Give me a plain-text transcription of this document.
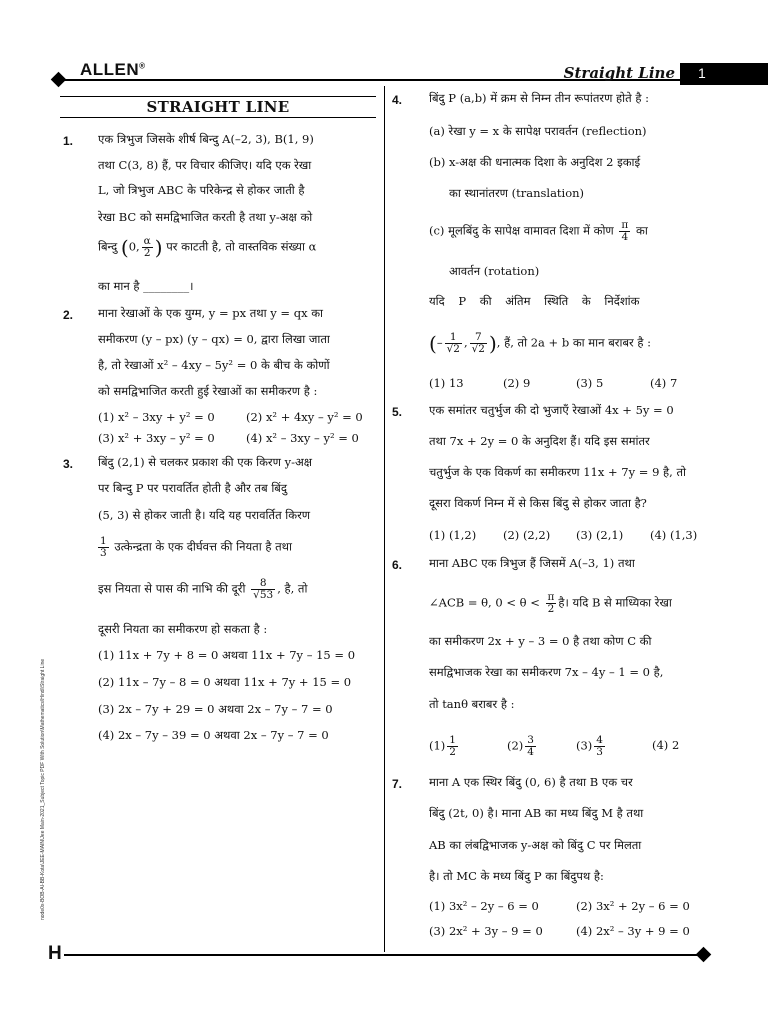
ALLEN®	Straight Line 1
node0x-BOB-AI-BB-Kota\JEE-MAIN\Jee Main-2021_Subject Topic PDF With Solution\Mathematics\Hindi\Straight Line
STRAIGHT LINE
1. एक त्रिभुज जिसके शीर्ष बिन्दु A(–2, 3), B(1, 9)
तथा C(3, 8) हैं, पर विचार कीजिए। यदि एक रेखा
L, जो त्रिभुज ABC के परिकेन्द्र से होकर जाती है
रेखा BC को समद्विभाजित करती है तथा y-अक्ष को
बिन्दु (0, $\frac{\alpha}{2}$ ) पर काटती है, तो वास्तविक संख्या α
का मान है ________।
2. माना रेखाओं के एक युग्म, y = px तथा y = qx का
समीकरण (y – px) (y – qx) = 0, द्वारा लिखा जाता
है, तो रेखाओं x² – 4xy – 5y² = 0 के बीच के कोणों
को समद्विभाजित करती हुई रेखाओं का समीकरण है :
(1) x² – 3xy + y² = 0	(2) x² + 4xy – y² = 0
(3) x² + 3xy – y² = 0	(4) x² – 3xy – y² = 0
3. बिंदु (2,1) से चलकर प्रकाश की एक किरण y-अक्ष
पर बिन्दु P पर परावर्तित होती है और तब बिंदु
(5, 3) से होकर जाती है। यदि यह परावर्तित किरण
$\frac{1}{3}$ उत्केन्द्रता के एक दीर्घवत्त की नियता है तथा
इस नियता से पास की नाभि की दूरी $\frac{8}{√53}$ , है, तो
दूसरी नियता का समीकरण हो सकता है :
(1) 11x + 7y + 8 = 0 अथवा 11x + 7y – 15 = 0
(2) 11x – 7y – 8 = 0 अथवा 11x + 7y + 15 = 0
(3) 2x – 7y + 29 = 0 अथवा 2x – 7y – 7 = 0
(4) 2x – 7y – 39 = 0 अथवा 2x – 7y – 7 = 0
4. बिंदु P (a,b) में क्रम से निम्न तीन रूपांतरण होते है :
(a) रेखा y = x के सापेक्ष परावर्तन (reflection)
(b) x-अक्ष की धनात्मक दिशा के अनुदिश 2 इकाई
का स्थानांतरण (translation)
(c) मूलबिंदु के सापेक्ष वामावत दिशा में कोण $\frac{\pi}{4}$ का
आवर्तन (rotation)
यदि P की अंतिम स्थिति के निर्देशांक
(– $\frac{1}{√2}$ , $\frac{7}{√2}$ ), हैं, तो 2a + b का मान बराबर है :
(1) 13	(2) 9	(3) 5	(4) 7
5. एक समांतर चतुर्भुज की दो भुजाएँ रेखाओं 4x + 5y = 0
तथा 7x + 2y = 0 के अनुदिश हैं। यदि इस समांतर
चतुर्भुज के एक विकर्ण का समीकरण 11x + 7y = 9 है, तो
दूसरा विकर्ण निम्न में से किस बिंदु से होकर जाता है?
(1) (1,2) (2) (2,2) (3) (2,1) (4) (1,3)
6. माना ABC एक त्रिभुज हैं जिसमें A(–3, 1) तथा
∠ACB = θ, $0 < \theta < \frac{\pi}{2}$ है। यदि B से माध्यिका रेखा
का समीकरण 2x + y – 3 = 0 है तथा कोण C की
समद्विभाजक रेखा का समीकरण 7x – 4y – 1 = 0 है,
तो tanθ बराबर है :
$(1) \frac{1}{2}$	$(2) \frac{3}{4}$	$(3) \frac{4}{3}$	(4) 2
7. माना A एक स्थिर बिंदु (0, 6) है तथा B एक चर
बिंदु (2t, 0) है। माना AB का मध्य बिंदु M है तथा
AB का लंबद्विभाजक y-अक्ष को बिंदु C पर मिलता
है। तो MC के मध्य बिंदु P का बिंदुपथ है:
(1) 3x² – 2y – 6 = 0	(2) 3x² + 2y – 6 = 0
(3) 2x² + 3y – 9 = 0	(4) 2x² – 3y + 9 = 0
H
